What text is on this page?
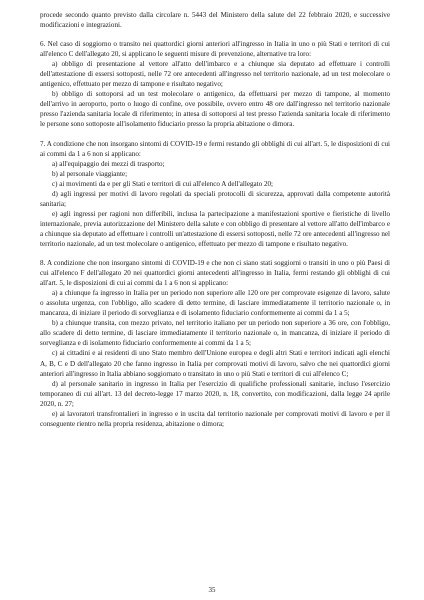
procede secondo quanto previsto dalla circolare n. 5443 del Ministero della salute del 22 febbraio 2020, e successive modificazioni e integrazioni.

6. Nel caso di soggiorno o transito nei quattordici giorni anteriori all'ingresso in Italia in uno o più Stati e territori di cui all'elenco C dell'allegato 20, si applicano le seguenti misure di prevenzione, alternative tra loro:

a) obbligo di presentazione al vettore all'atto dell'imbarco e a chiunque sia deputato ad effettuare i controlli dell'attestazione di essersi sottoposti, nelle 72 ore antecedenti all'ingresso nel territorio nazionale, ad un test molecolare o antigenico, effettuato per mezzo di tampone e risultato negativo;

b) obbligo di sottoporsi ad un test molecolare o antigenico, da effettuarsi per mezzo di tampone, al momento dell'arrivo in aeroporto, porto o luogo di confine, ove possibile, ovvero entro 48 ore dall'ingresso nel territorio nazionale presso l'azienda sanitaria locale di riferimento; in attesa di sottoporsi al test presso l'azienda sanitaria locale di riferimento le persone sono sottoposte all'isolamento fiduciario presso la propria abitazione o dimora.

7. A condizione che non insorgano sintomi di COVID-19 e fermi restando gli obblighi di cui all'art. 5, le disposizioni di cui ai commi da 1 a 6 non si applicano:

a) all'equipaggio dei mezzi di trasporto;

b) al personale viaggiante;

c) ai movimenti da e per gli Stati e territori di cui all'elenco A dell'allegato 20;

d) agli ingressi per motivi di lavoro regolati da speciali protocolli di sicurezza, approvati dalla competente autorità sanitaria;

e) agli ingressi per ragioni non differibili, inclusa la partecipazione a manifestazioni sportive e fieristiche di livello internazionale, previa autorizzazione del Ministero della salute e con obbligo di presentare al vettore all'atto dell'imbarco e a chiunque sia deputato ad effettuare i controlli un'attestazione di essersi sottoposti, nelle 72 ore antecedenti all'ingresso nel territorio nazionale, ad un test molecolare o antigenico, effettuato per mezzo di tampone e risultato negativo.

8. A condizione che non insorgano sintomi di COVID-19 e che non ci siano stati soggiorni o transiti in uno o più Paesi di cui all'elenco F dell'allegato 20 nei quattordici giorni antecedenti all'ingresso in Italia, fermi restando gli obblighi di cui all'art. 5, le disposizioni di cui ai commi da 1 a 6 non si applicano:

a) a chiunque fa ingresso in Italia per un periodo non superiore alle 120 ore per comprovate esigenze di lavoro, salute o assoluta urgenza, con l'obbligo, allo scadere di detto termine, di lasciare immediatamente il territorio nazionale o, in mancanza, di iniziare il periodo di sorveglianza e di isolamento fiduciario conformemente ai commi da 1 a 5;

b) a chiunque transita, con mezzo privato, nel territorio italiano per un periodo non superiore a 36 ore, con l'obbligo, allo scadere di detto termine, di lasciare immediatamente il territorio nazionale o, in mancanza, di iniziare il periodo di sorveglianza e di isolamento fiduciario conformemente ai commi da 1 a 5;

c) ai cittadini e ai residenti di uno Stato membro dell'Unione europea e degli altri Stati e territori indicati agli elenchi A, B, C e D dell'allegato 20 che fanno ingresso in Italia per comprovati motivi di lavoro, salvo che nei quattordici giorni anteriori all'ingresso in Italia abbiano soggiornato o transitato in uno o più Stati e territori di cui all'elenco C;

d) al personale sanitario in ingresso in Italia per l'esercizio di qualifiche professionali sanitarie, incluso l'esercizio temporaneo di cui all'art. 13 del decreto-legge 17 marzo 2020, n. 18, convertito, con modificazioni, dalla legge 24 aprile 2020, n. 27;

e) ai lavoratori transfrontalieri in ingresso e in uscita dal territorio nazionale per comprovati motivi di lavoro e per il conseguente rientro nella propria residenza, abitazione o dimora;

35
